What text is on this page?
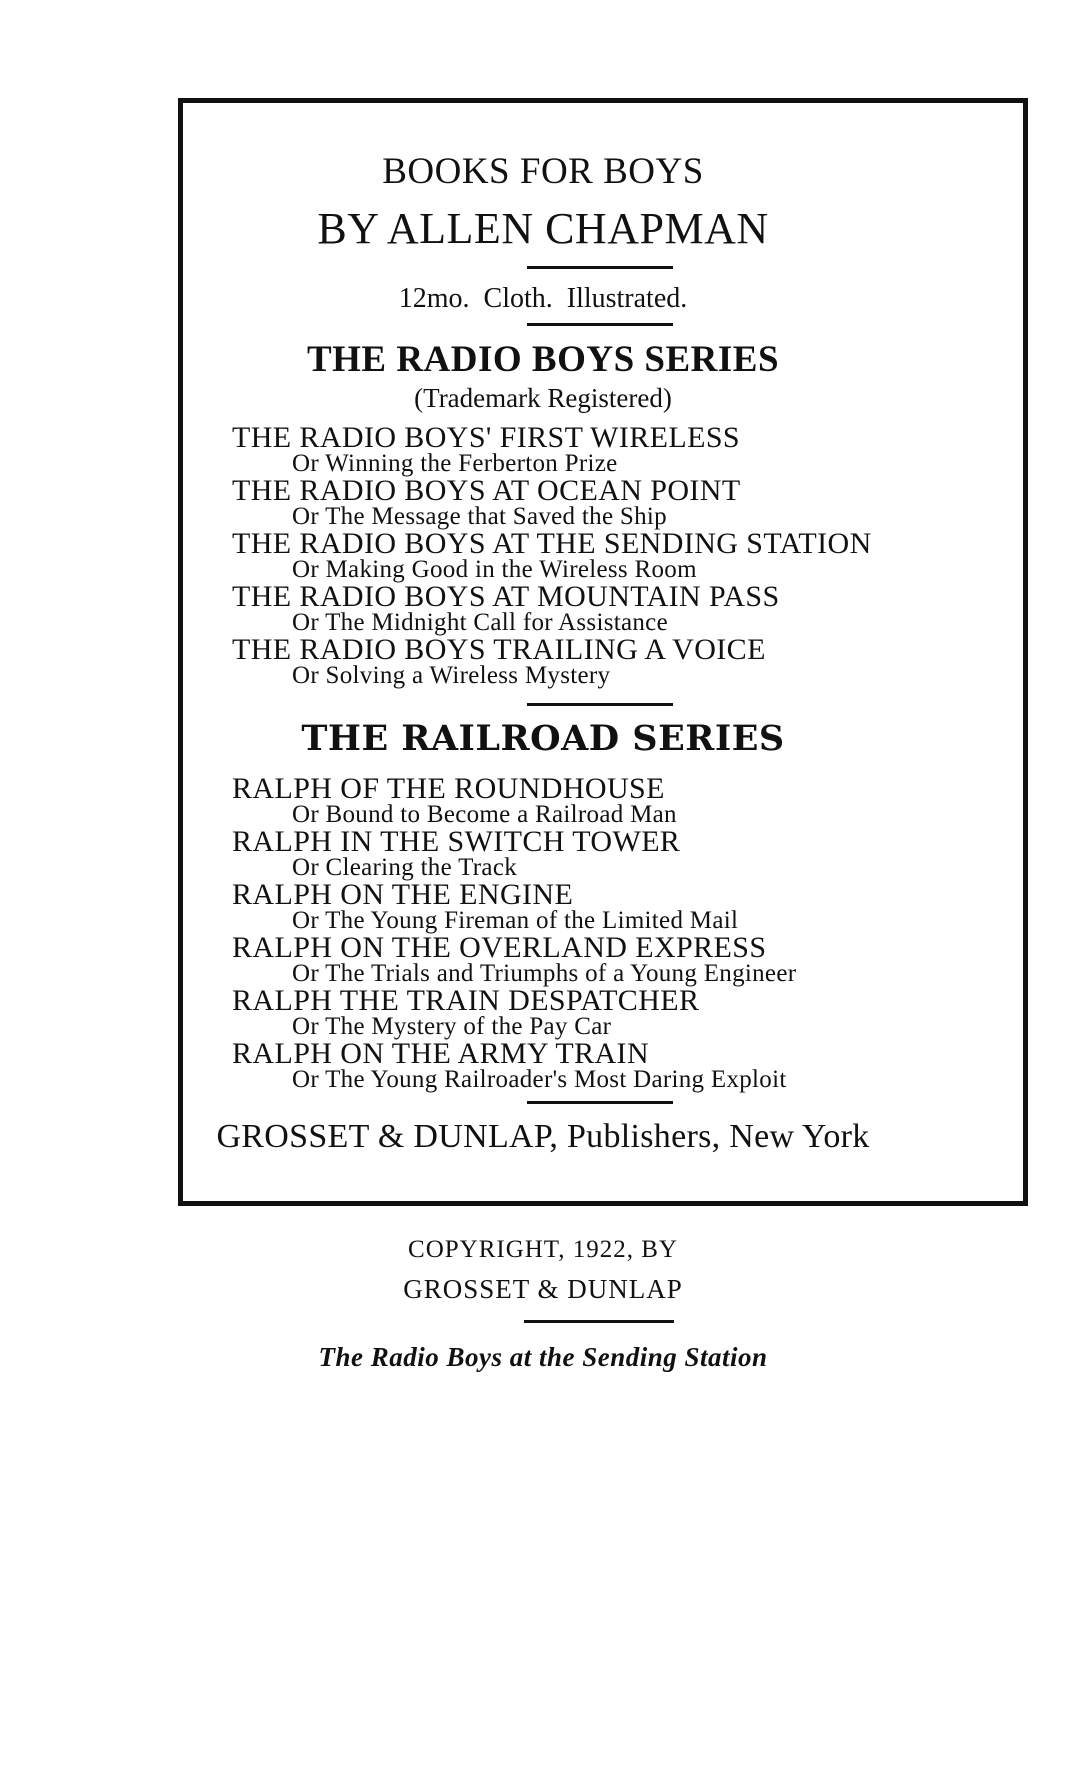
BOOKS FOR BOYS
BY ALLEN CHAPMAN
12mo.  Cloth.  Illustrated.
THE RADIO BOYS SERIES
(Trademark Registered)
THE RADIO BOYS' FIRST WIRELESS
Or Winning the Ferberton Prize
THE RADIO BOYS AT OCEAN POINT
Or The Message that Saved the Ship
THE RADIO BOYS AT THE SENDING STATION
Or Making Good in the Wireless Room
THE RADIO BOYS AT MOUNTAIN PASS
Or The Midnight Call for Assistance
THE RADIO BOYS TRAILING A VOICE
Or Solving a Wireless Mystery
THE RAILROAD SERIES
RALPH OF THE ROUNDHOUSE
Or Bound to Become a Railroad Man
RALPH IN THE SWITCH TOWER
Or Clearing the Track
RALPH ON THE ENGINE
Or The Young Fireman of the Limited Mail
RALPH ON THE OVERLAND EXPRESS
Or The Trials and Triumphs of a Young Engineer
RALPH THE TRAIN DESPATCHER
Or The Mystery of the Pay Car
RALPH ON THE ARMY TRAIN
Or The Young Railroader's Most Daring Exploit
GROSSET & DUNLAP, Publishers, New York
COPYRIGHT, 1922, BY
GROSSET & DUNLAP
The Radio Boys at the Sending Station
